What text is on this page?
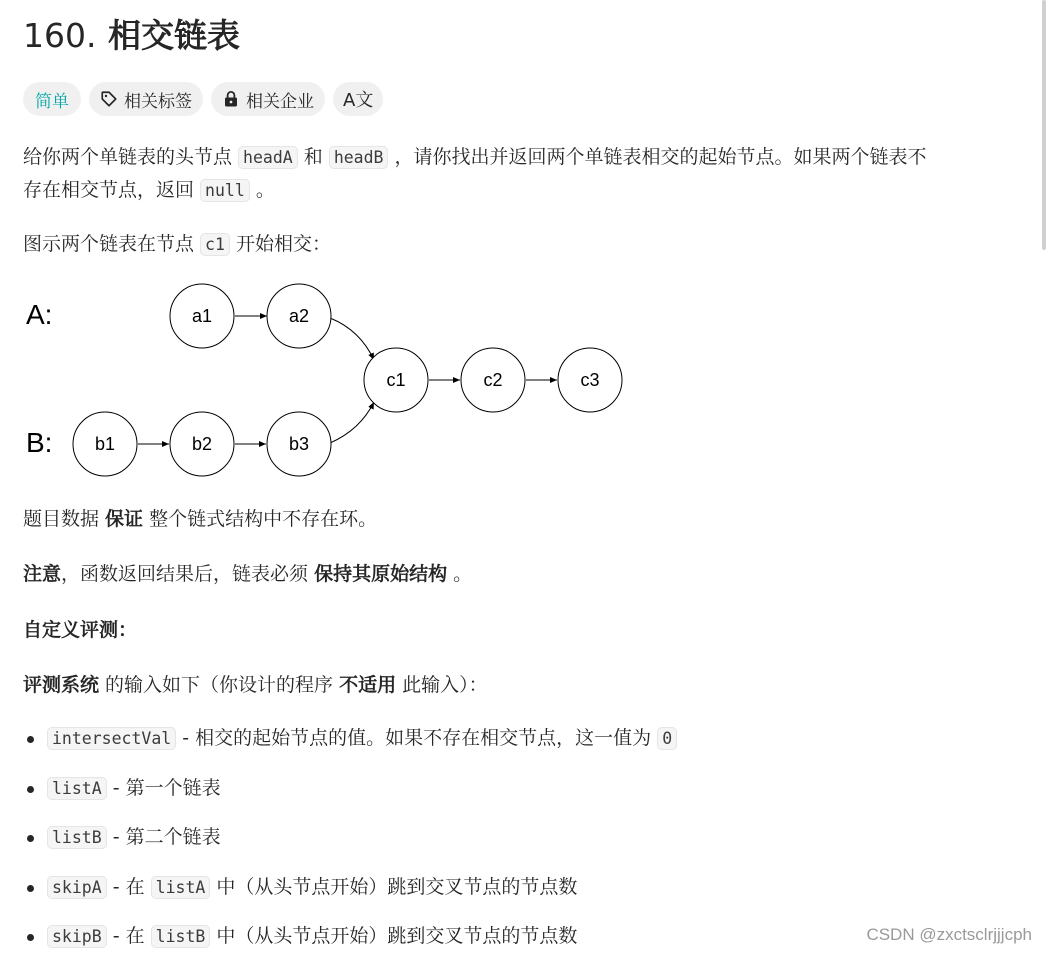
160. 相交链表
简单	相关标签	相关企业 A文
给你两个单链表的头节点 headA 和 headB ，请你找出并返回两个单链表相交的起始节点。如果两个链表不
存在相交节点，返回 null 。
图示两个链表在节点 c1 开始相交：
A:
B:
a1	a2
b1	b2	b3
c1	c2	c3
题目数据 保证 整个链式结构中不存在环。
注意，函数返回结果后，链表必须 保持其原始结构 。
自定义评测：
评测系统 的输入如下（你设计的程序 不适用 此输入）：
intersectVal - 相交的起始节点的值。如果不存在相交节点，这一值为 0
listA - 第一个链表
listB - 第二个链表
skipA - 在 listA 中（从头节点开始）跳到交叉节点的节点数
skipB - 在 listB 中（从头节点开始）跳到交叉节点的节点数	CSDN @zxctsclrjjjcph
